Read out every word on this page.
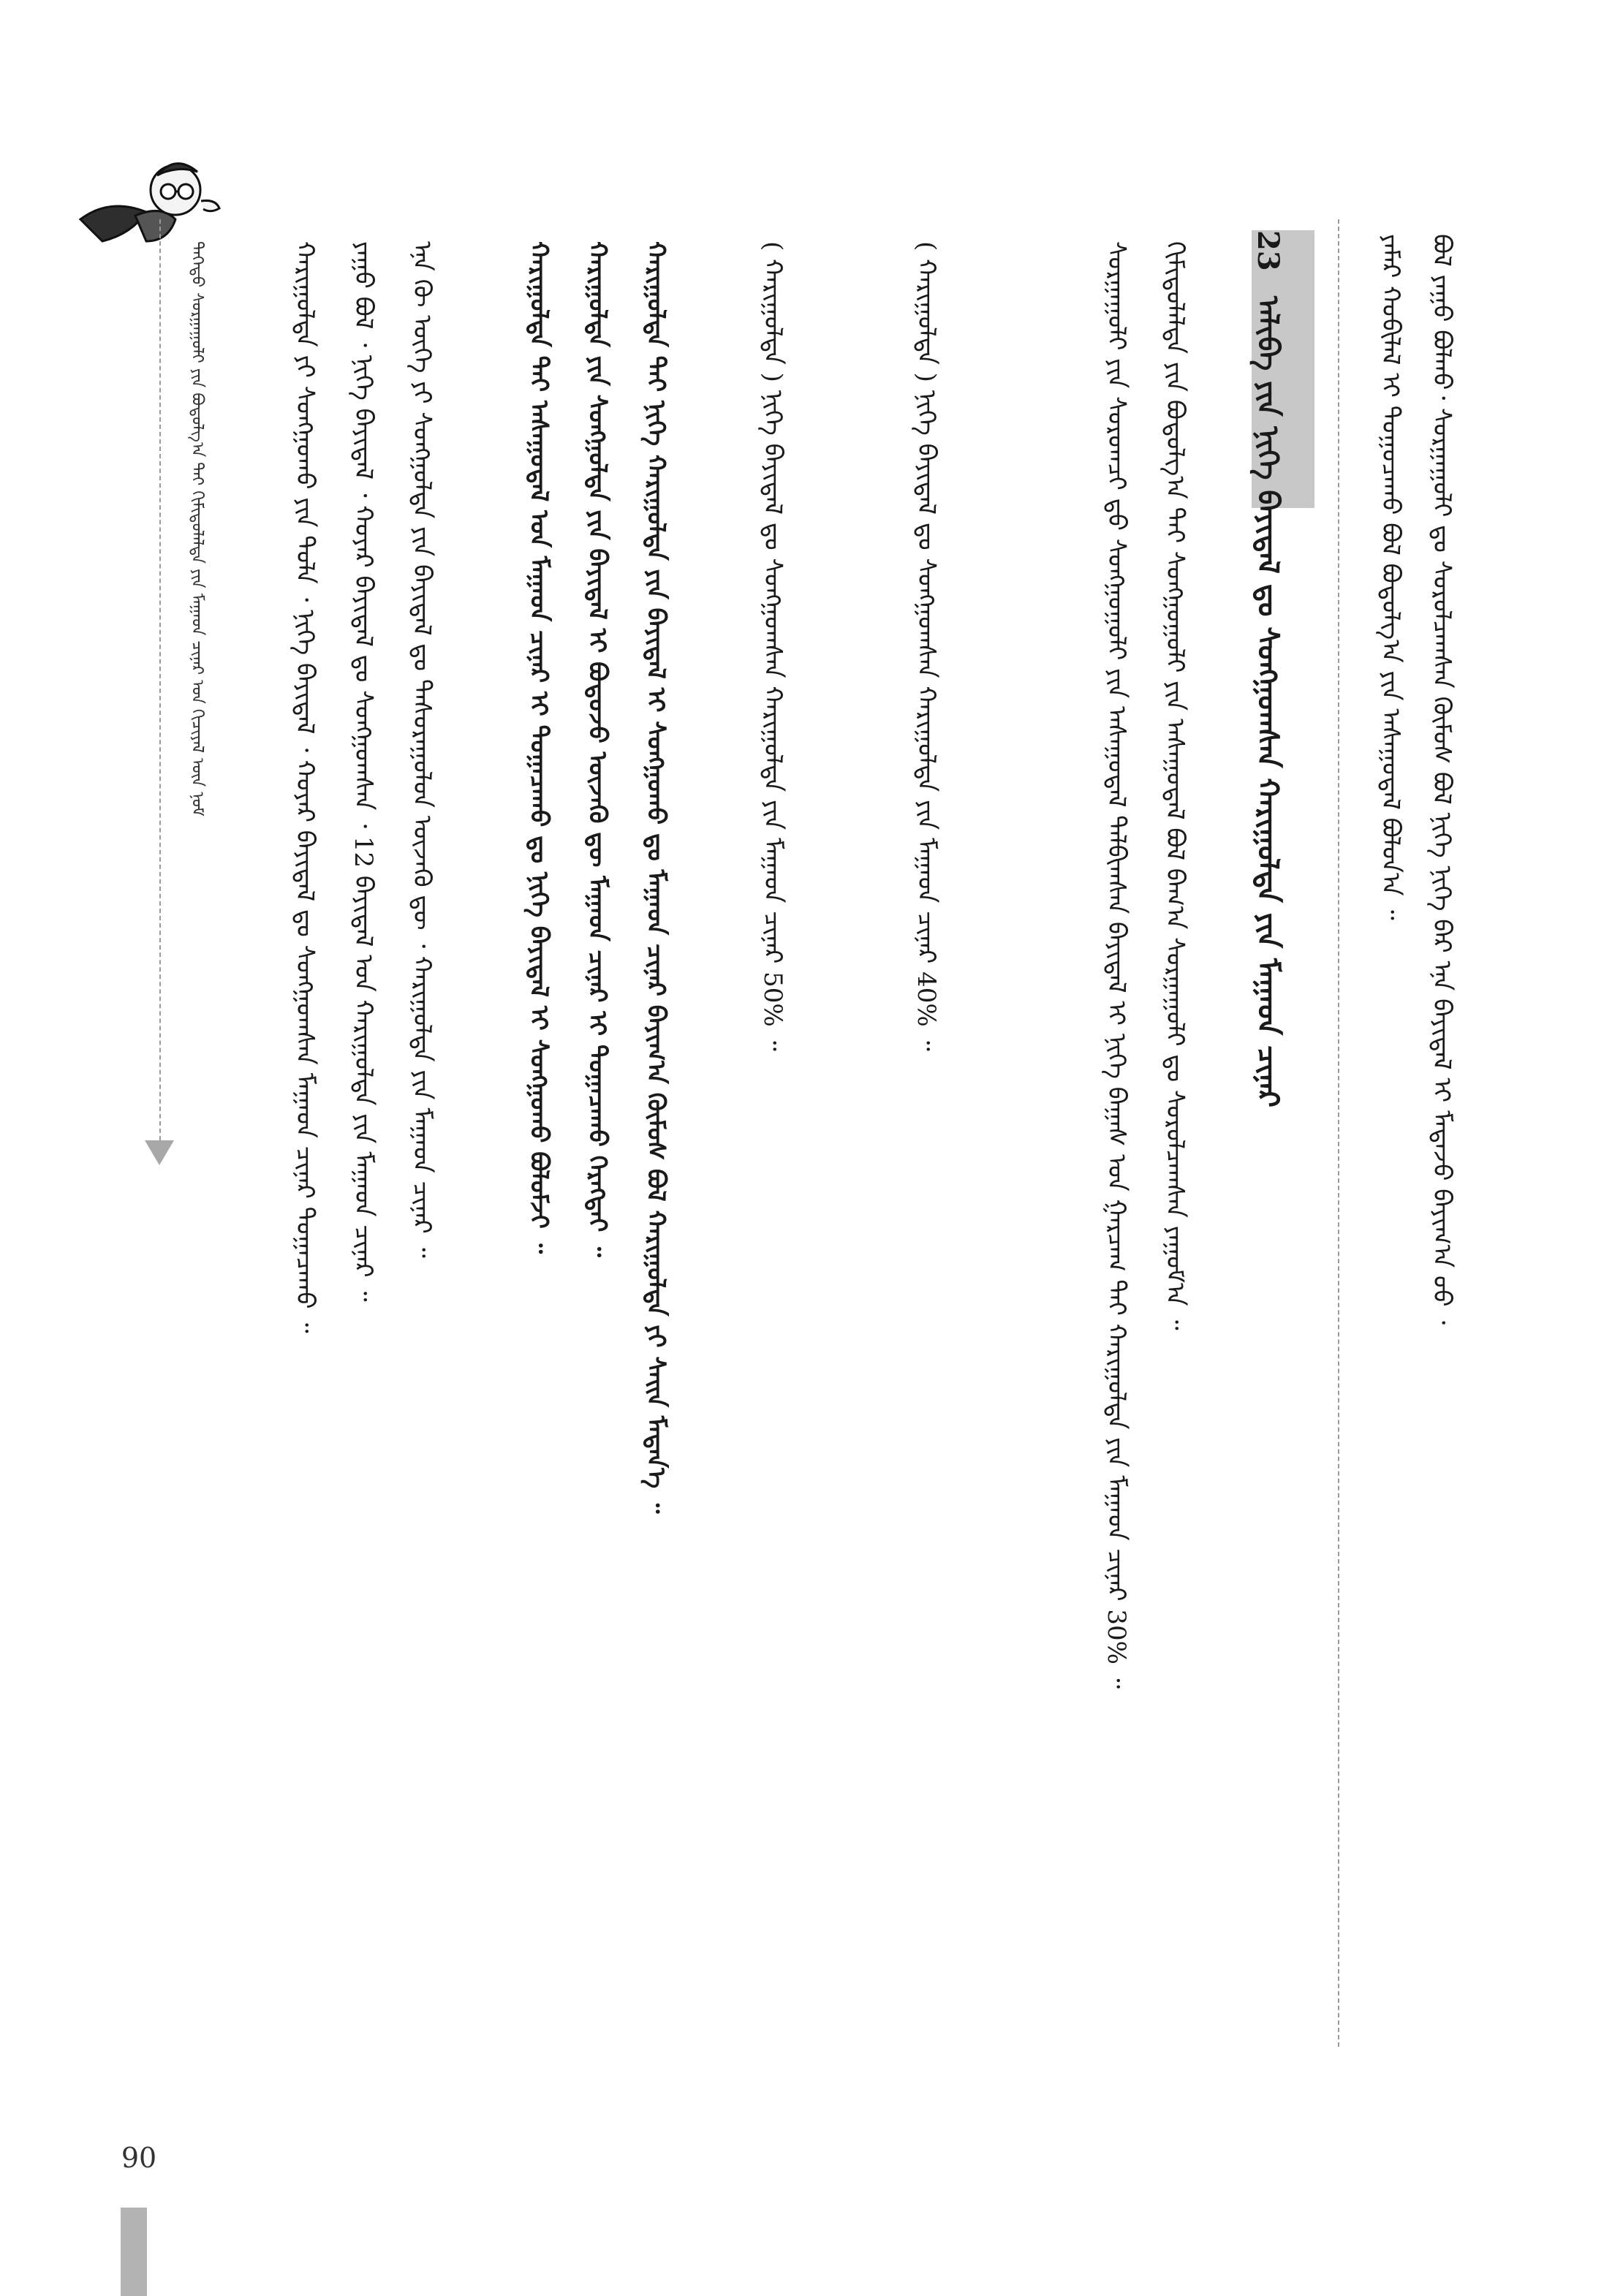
ᠪᠣᠯ ᠶᠠᠭᠤ ᠪᠣᠯᠬᠤ᠂ ᠰᠤᠷᠭᠠᠭᠤᠯᠢ ᠳᠤ ᠰᠤᠷᠤᠯᠴᠠᠭᠰᠠᠨ ᠬᠦᠮᠦᠰ ᠪᠣᠯ ᠨᠢᠭᠡ ᠨᠢᠭᠡ ᠪᠡᠷ ᠡᠨᠡ ᠪᠠᠶᠢᠳᠠᠯ ᠢ ᠮᠡᠳᠡᠵᠦ ᠪᠠᠶᠢᠭ᠎ᠠ ᠦᠦ ᠂
ᠶᠠᠮᠠᠷ ᠬᠤᠪᠢᠯᠠᠯ ᠢ ᠲᠣᠭᠤᠴᠠᠬᠤ ᠪᠣᠯ ᠪᠣᠳᠤᠯᠭ᠎ᠠ ᠶᠢᠨ ᠠᠰᠠᠭᠤᠳᠠᠯ ᠪᠣᠯᠤᠨ᠎ᠠ ᠃
23 ᠠᠯᠢᠪᠠ ᠶᠢᠨ ᠨᠢᠭᠡ ᠪᠠᠶᠢᠳᠠᠯ ᠳᠤ ᠰᠣᠩᠭᠣᠭᠰᠠᠨ ᠬᠠᠷᠢᠭᠤᠯᠲᠠ ᠶᠢᠨ ᠮᠠᠭᠠᠳ ᠴᠢᠨᠠᠷ
ᠬᠢᠮᠢᠳᠤᠯᠠᠯᠲᠠ ᠶᠢᠨ ᠪᠣᠳᠤᠯᠭ᠎ᠠ ᠲᠠᠢ ᠰᠣᠩᠭᠣᠭᠤᠯᠢ ᠶᠢᠨ ᠠᠰᠠᠭᠤᠳᠠᠯ ᠪᠣᠯ ᠪᠠᠭ᠎ᠠ ᠰᠤᠷᠭᠠᠭᠤᠯᠢ ᠳᠤ ᠰᠤᠷᠤᠯᠴᠠᠭᠰᠠᠨ ᠶᠠᠭᠤᠮ᠎ᠠ ᠃
ᠰᠤᠷᠭᠠᠭᠤᠯᠢ ᠶᠢᠨ ᠰᠤᠷᠤᠭᠴᠢ ᠳ᠋ᠤ ᠰᠣᠩᠭᠣᠭᠤᠯᠢ ᠶᠢᠨ ᠠᠰᠠᠭᠤᠳᠠᠯ ᠲᠠᠯᠪᠢᠭᠰᠠᠨ ᠪᠠᠶᠢᠳᠠᠯ ᠢ ᠨᠢᠭᠡ ᠪᠠᠭᠠᠰ ᠤᠨ ᠭᠠᠷᠴᠠᠭ ᠲᠠᠢ ᠬᠠᠷᠢᠭᠤᠯᠲᠠ ᠶᠢᠨ ᠮᠠᠭᠠᠳ ᠴᠢᠨᠠᠷ 30% ᠃
( ᠬᠠᠷᠢᠭᠤᠯᠲᠠ ) ᠨᠢᠭᠡ ᠪᠠᠶᠢᠳᠠᠯ ᠳᠤ ᠰᠣᠩᠭᠣᠭᠰᠠᠨ ᠬᠠᠷᠢᠭᠤᠯᠲᠠ ᠶᠢᠨ ᠮᠠᠭᠠᠳ ᠴᠢᠨᠠᠷ 40% ᠃
( ᠬᠠᠷᠢᠭᠤᠯᠲᠠ ) ᠨᠢᠭᠡ ᠪᠠᠶᠢᠳᠠᠯ ᠳᠤ ᠰᠣᠩᠭᠣᠭᠰᠠᠨ ᠬᠠᠷᠢᠭᠤᠯᠲᠠ ᠶᠢᠨ ᠮᠠᠭᠠᠳ ᠴᠢᠨᠠᠷ 50% ᠃
ᠬᠠᠷᠢᠭᠤᠯᠲᠠ ᠲᠠᠢ ᠨᠢᠭᠡ ᠬᠠᠷᠢᠭᠤᠯᠲᠠ ᠶᠢᠨ ᠪᠠᠶᠢᠳᠠᠯ ᠢ ᠰᠣᠩᠭᠣᠬᠤ ᠳᠤ ᠮᠠᠭᠠᠳ ᠴᠢᠨᠠᠷ ᠪᠠᠶᠢᠭ᠎ᠠ ᠬᠦᠮᠦᠰ ᠪᠣᠯ ᠬᠠᠷᠢᠭᠤᠯᠲᠠ ᠶᠢ ᠰᠠᠢᠨ ᠮᠡᠳᠡᠨ᠎ᠡ ᠃
ᠬᠠᠷᠢᠭᠤᠯᠲᠠ ᠶᠢᠨ ᠰᠣᠩᠭᠣᠯᠲᠠ ᠶᠢᠨ ᠪᠠᠶᠢᠳᠠᠯ ᠢ ᠪᠣᠳᠤᠵᠤ ᠦᠵᠡᠬᠦ ᠳᠦ ᠮᠠᠭᠠᠳ ᠴᠢᠨᠠᠷ ᠢ ᠲᠣᠭᠠᠴᠠᠬᠤ ᠬᠡᠷᠡᠭᠲᠡᠢ ᠃
ᠬᠠᠷᠢᠭᠤᠯᠲᠠ ᠲᠠᠢ ᠠᠰᠠᠭᠤᠳᠠᠯ ᠤᠨ ᠮᠠᠭᠠᠳ ᠴᠢᠨᠠᠷ ᠢ ᠲᠣᠭᠠᠴᠠᠬᠤ ᠳᠤ ᠨᠢᠭᠡ ᠪᠠᠶᠢᠳᠠᠯ ᠢ ᠰᠣᠩᠭᠣᠬᠤ ᠪᠣᠯᠤᠮᠵᠢ ᠃
ᠡᠨᠡ ᠬᠦ ᠦᠭᠡ ᠶᠢ ᠰᠣᠩᠭᠣᠯᠲᠠ ᠶᠢᠨ ᠪᠠᠶᠢᠳᠠᠯ ᠳᠤ ᠲᠠᠰᠤᠷᠠᠭᠤᠯᠤᠨ ᠦᠵᠡᠬᠦ ᠳᠦ ᠂ ᠬᠠᠷᠢᠭᠤᠯᠲᠠ ᠶᠢᠨ ᠮᠠᠭᠠᠳ ᠴᠢᠨᠠᠷ ᠃
ᠶᠠᠭᠤ ᠪᠣᠯ ᠂ ᠨᠢᠭᠡ ᠪᠠᠶᠢᠳᠠᠯ ᠂ ᠬᠣᠶᠠᠷ ᠪᠠᠶᠢᠳᠠᠯ ᠳᠤ ᠰᠣᠩᠭᠣᠭᠰᠠᠨ ᠂ 12 ᠪᠠᠶᠢᠳᠠᠯ ᠤᠨ ᠬᠠᠷᠢᠭᠤᠯᠲᠠ ᠶᠢᠨ ᠮᠠᠭᠠᠳ ᠴᠢᠨᠠᠷ ᠃
ᠬᠠᠷᠢᠭᠤᠯᠲᠠ ᠶᠢ ᠰᠣᠩᠭᠣᠬᠤ ᠶᠢᠨ ᠲᠤᠯᠠ ᠂ ᠨᠢᠭᠡ ᠪᠠᠶᠢᠳᠠᠯ ᠂ ᠬᠣᠶᠠᠷ ᠪᠠᠶᠢᠳᠠᠯ ᠳᠤ ᠰᠣᠩᠭᠣᠭᠰᠠᠨ ᠮᠠᠭᠠᠳ ᠴᠢᠨᠠᠷ ᠲᠣᠭᠠᠴᠠᠬᠤ ᠃
ᠳᠡᠭᠡᠳᠦ ᠰᠤᠷᠭᠠᠭᠤᠯᠢ ᠶᠢᠨ ᠪᠣᠳᠤᠯᠭ᠎ᠠ ᠲᠠᠢ ᠬᠢᠮᠢᠳᠤᠯᠠᠯᠲᠠ ᠶᠢᠨ ᠮᠠᠭᠠᠳ ᠴᠢᠨᠠᠷ ᠤᠨ ᠬᠢᠴᠢᠶᠡᠯ ᠦᠨ ᠨᠣᠮ
90
